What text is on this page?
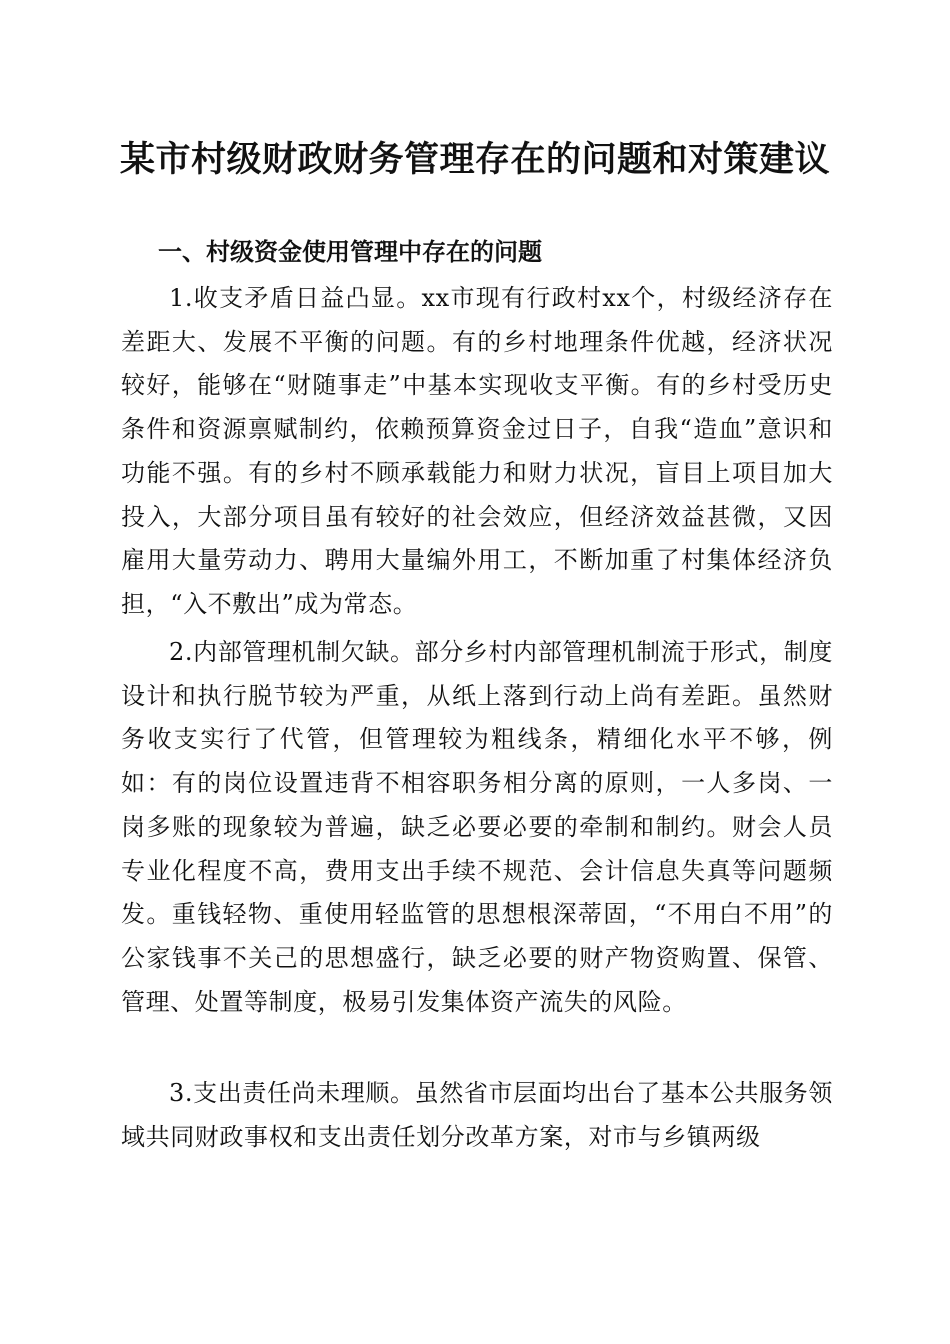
某市村级财政财务管理存在的问题和对策建议
一、村级资金使用管理中存在的问题

1.收支矛盾日益凸显。xx市现有行政村xx个，村级经济存在差距大、发展不平衡的问题。有的乡村地理条件优越，经济状况较好，能够在“财随事走”中基本实现收支平衡。有的乡村受历史条件和资源禀赋制约，依赖预算资金过日子，自我“造血”意识和功能不强。有的乡村不顾承载能力和财力状况，盲目上项目加大投入，大部分项目虽有较好的社会效应，但经济效益甚微，又因雇用大量劳动力、聘用大量编外用工，不断加重了村集体经济负担，“入不敷出”成为常态。

2.内部管理机制欠缺。部分乡村内部管理机制流于形式，制度设计和执行脱节较为严重，从纸上落到行动上尚有差距。虽然财务收支实行了代管，但管理较为粗线条，精细化水平不够，例如：有的岗位设置违背不相容职务相分离的原则，一人多岗、一岗多账的现象较为普遍，缺乏必要必要的牵制和制约。财会人员专业化程度不高，费用支出手续不规范、会计信息失真等问题频发。重钱轻物、重使用轻监管的思想根深蒂固，“不用白不用”的公家钱事不关己的思想盛行，缺乏必要的财产物资购置、保管、管理、处置等制度，极易引发集体资产流失的风险。

3.支出责任尚未理顺。虽然省市层面均出台了基本公共服务领域共同财政事权和支出责任划分改革方案，对市与乡镇两级
